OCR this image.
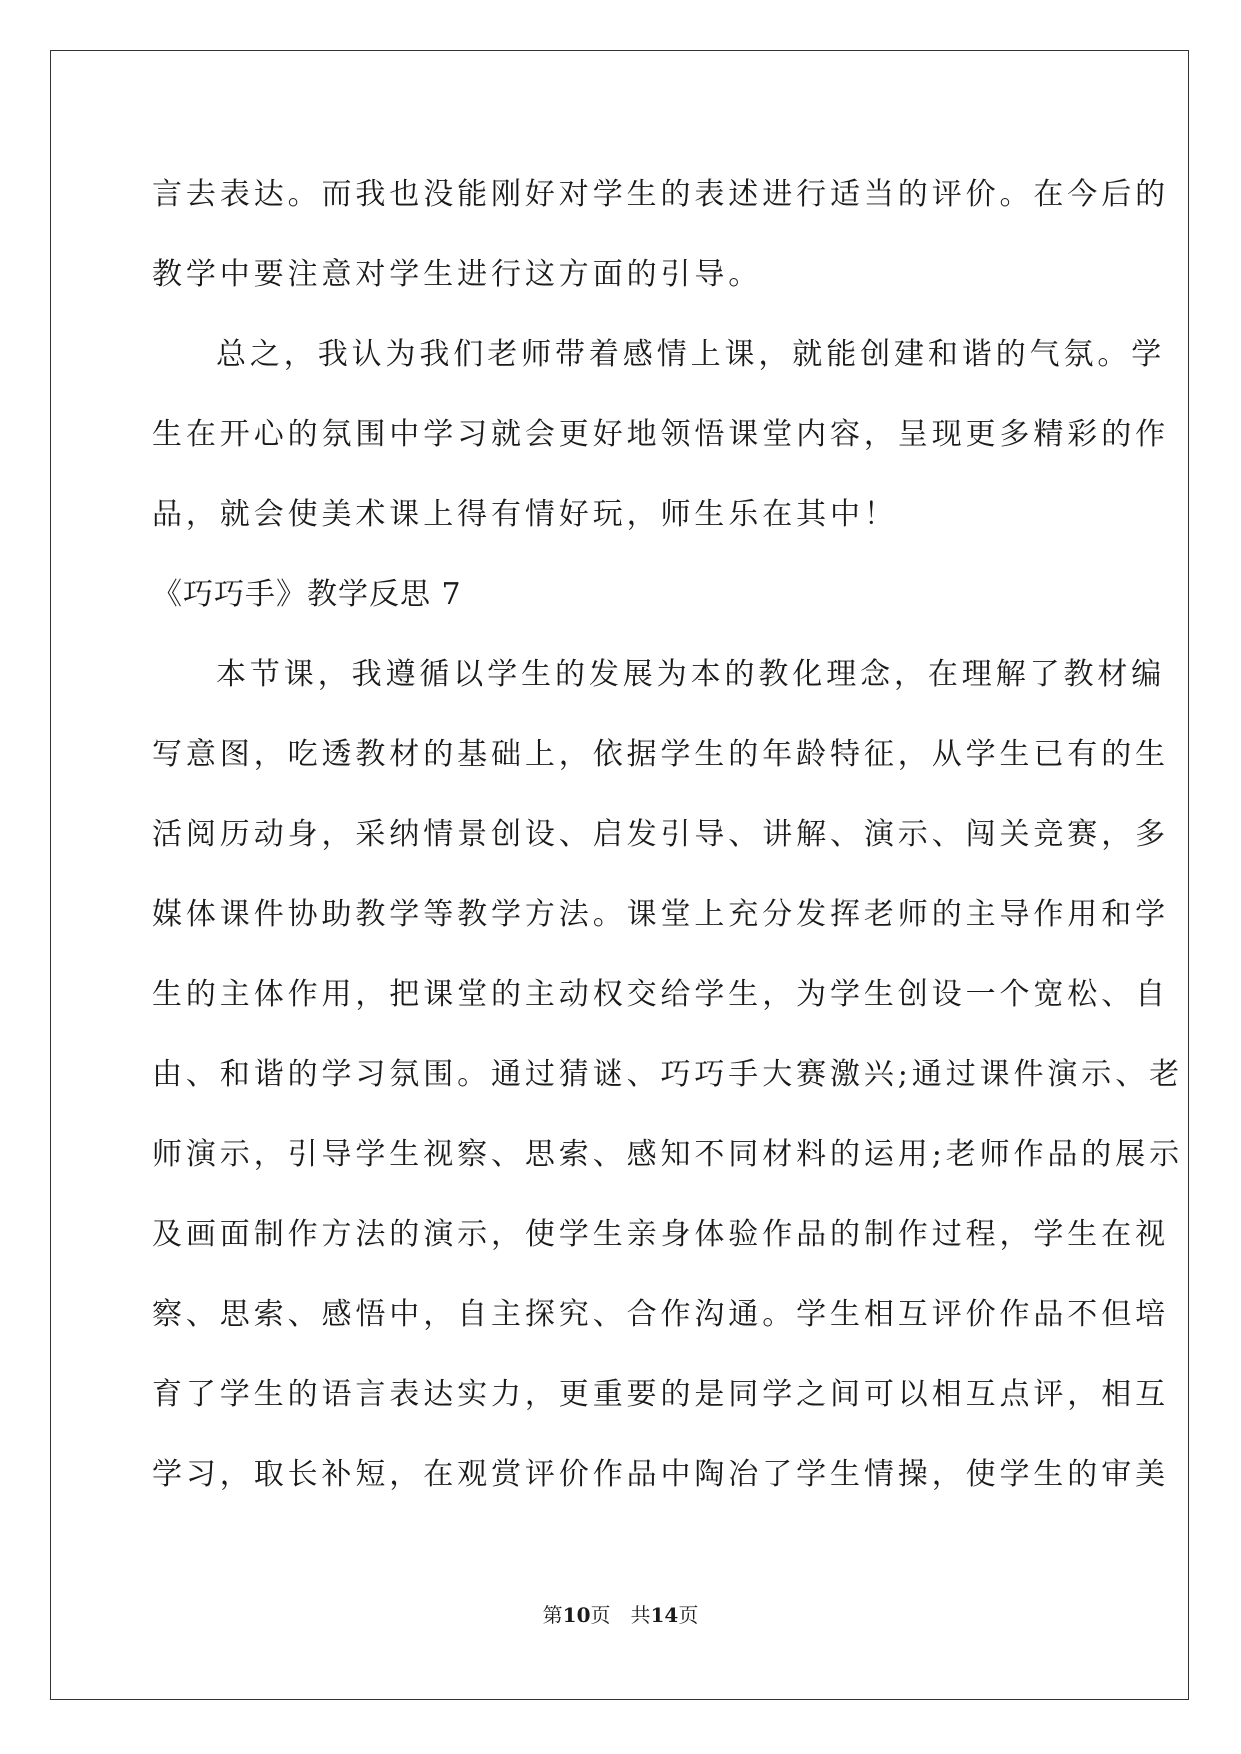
言去表达。而我也没能刚好对学生的表述进行适当的评价。在今后的
教学中要注意对学生进行这方面的引导。
总之，我认为我们老师带着感情上课，就能创建和谐的气氛。学
生在开心的氛围中学习就会更好地领悟课堂内容，呈现更多精彩的作
品，就会使美术课上得有情好玩，师生乐在其中！
《巧巧手》教学反思 7
本节课，我遵循以学生的发展为本的教化理念，在理解了教材编
写意图，吃透教材的基础上，依据学生的年龄特征，从学生已有的生
活阅历动身，采纳情景创设、启发引导、讲解、演示、闯关竞赛，多
媒体课件协助教学等教学方法。课堂上充分发挥老师的主导作用和学
生的主体作用，把课堂的主动权交给学生，为学生创设一个宽松、自
由、和谐的学习氛围。通过猜谜、巧巧手大赛激兴;通过课件演示、老
师演示，引导学生视察、思索、感知不同材料的运用;老师作品的展示
及画面制作方法的演示，使学生亲身体验作品的制作过程，学生在视
察、思索、感悟中，自主探究、合作沟通。学生相互评价作品不但培
育了学生的语言表达实力，更重要的是同学之间可以相互点评，相互
学习，取长补短，在观赏评价作品中陶冶了学生情操，使学生的审美
第10页 共14页
